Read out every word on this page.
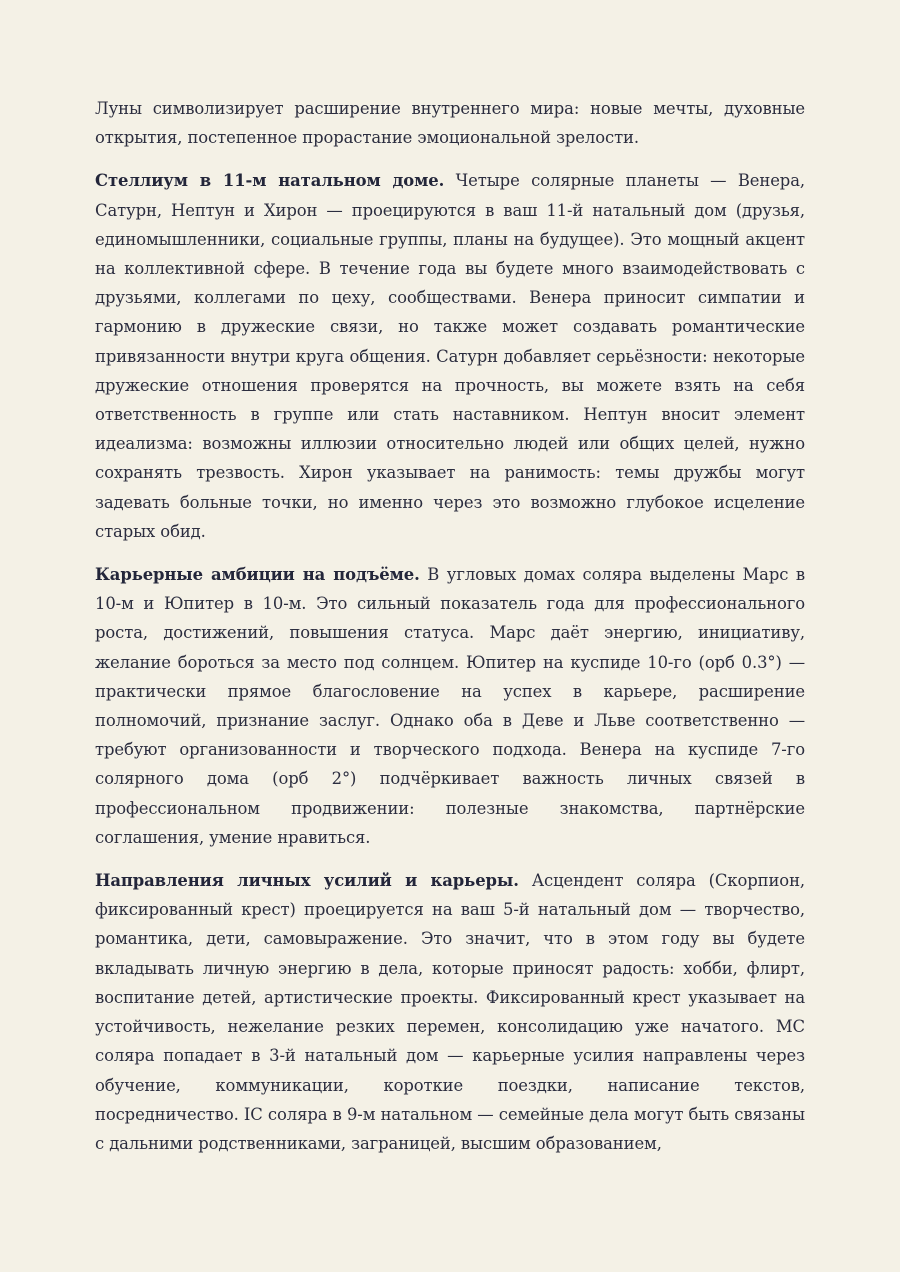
Луны символизирует расширение внутреннего мира: новые мечты, духовные открытия, постепенное прорастание эмоциональной зрелости.

Стеллиум в 11-м натальном доме. Четыре солярные планеты — Венера, Сатурн, Нептун и Хирон — проецируются в ваш 11-й натальный дом (друзья, единомышленники, социальные группы, планы на будущее). Это мощный акцент на коллективной сфере. В течение года вы будете много взаимодействовать с друзьями, коллегами по цеху, сообществами. Венера приносит симпатии и гармонию в дружеские связи, но также может создавать романтические привязанности внутри круга общения. Сатурн добавляет серьёзности: некоторые дружеские отношения проверятся на прочность, вы можете взять на себя ответственность в группе или стать наставником. Нептун вносит элемент идеализма: возможны иллюзии относительно людей или общих целей, нужно сохранять трезвость. Хирон указывает на ранимость: темы дружбы могут задевать больные точки, но именно через это возможно глубокое исцеление старых обид.

Карьерные амбиции на подъёме. В угловых домах соляра выделены Марс в 10-м и Юпитер в 10-м. Это сильный показатель года для профессионального роста, достижений, повышения статуса. Марс даёт энергию, инициативу, желание бороться за место под солнцем. Юпитер на куспиде 10-го (орб 0.3°) — практически прямое благословение на успех в карьере, расширение полномочий, признание заслуг. Однако оба в Деве и Льве соответственно — требуют организованности и творческого подхода. Венера на куспиде 7-го солярного дома (орб 2°) подчёркивает важность личных связей в профессиональном продвижении: полезные знакомства, партнёрские соглашения, умение нравиться.

Направления личных усилий и карьеры. Асцендент соляра (Скорпион, фиксированный крест) проецируется на ваш 5-й натальный дом — творчество, романтика, дети, самовыражение. Это значит, что в этом году вы будете вкладывать личную энергию в дела, которые приносят радость: хобби, флирт, воспитание детей, артистические проекты. Фиксированный крест указывает на устойчивость, нежелание резких перемен, консолидацию уже начатого. MC соляра попадает в 3-й натальный дом — карьерные усилия направлены через обучение, коммуникации, короткие поездки, написание текстов, посредничество. IC соляра в 9-м натальном — семейные дела могут быть связаны с дальними родственниками, заграницей, высшим образованием,
